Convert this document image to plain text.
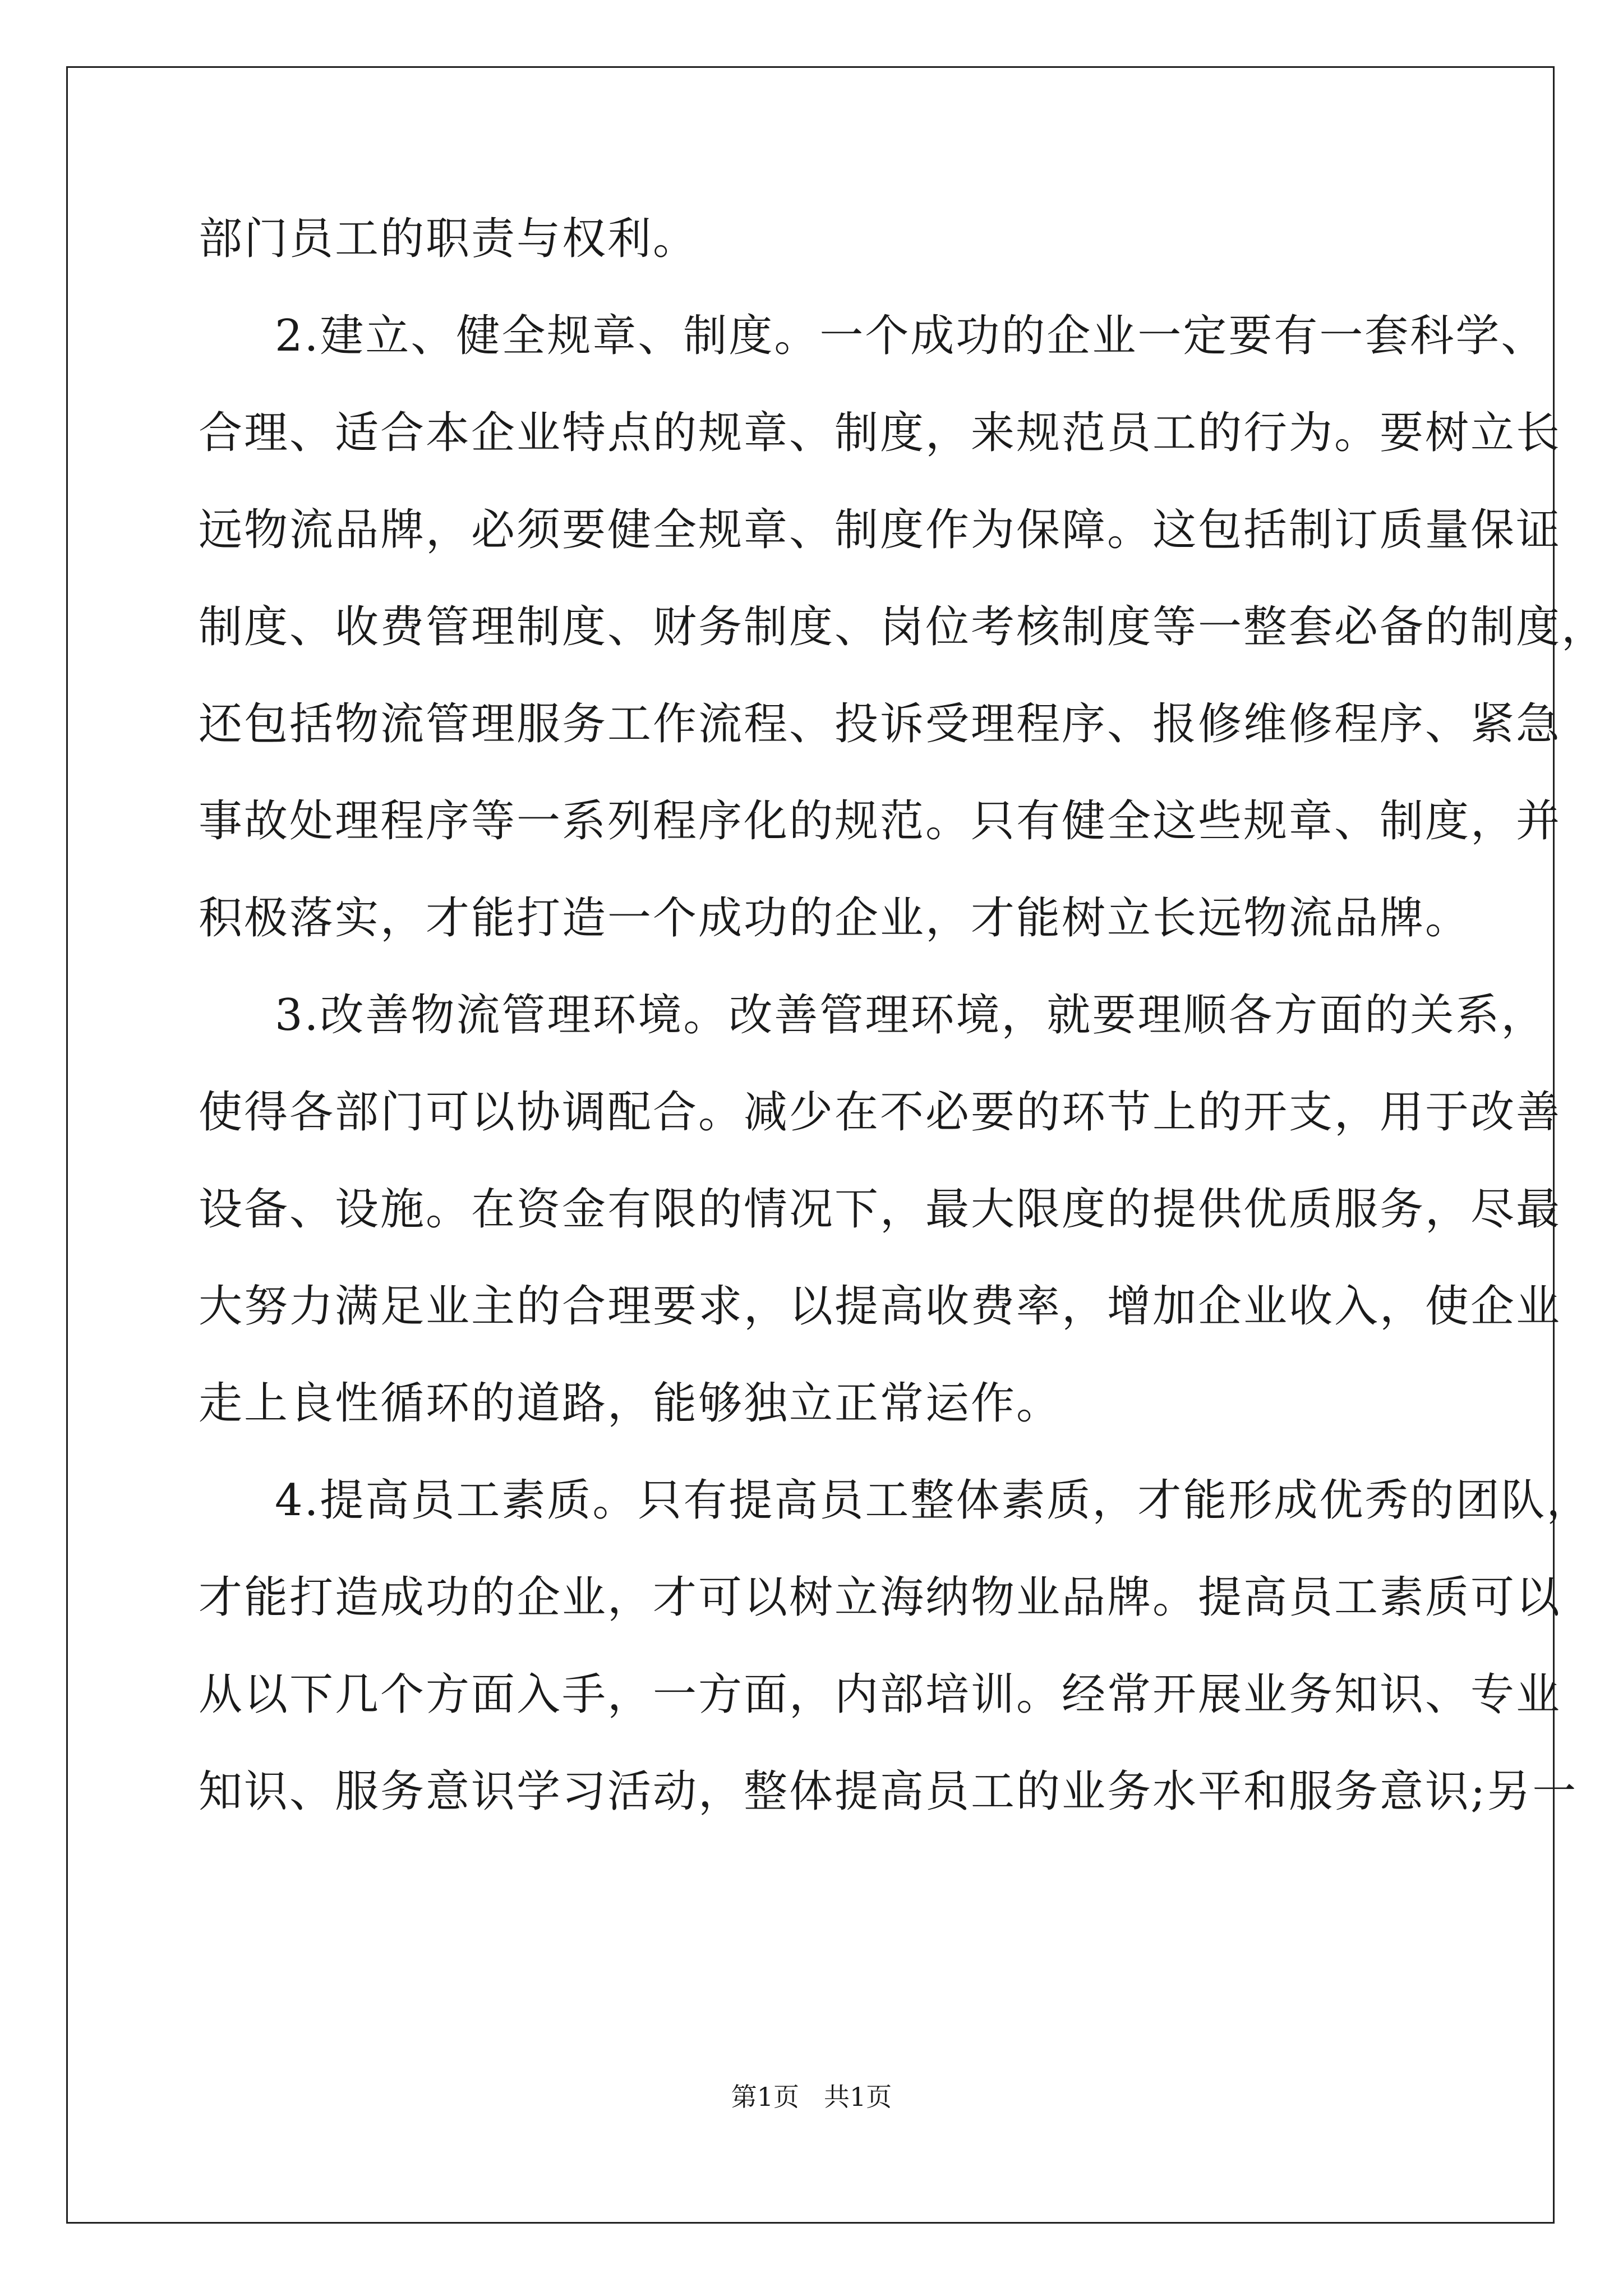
部门员工的职责与权利。
2.建立、健全规章、制度。一个成功的企业一定要有一套科学、
合理、适合本企业特点的规章、制度，来规范员工的行为。要树立长
远物流品牌，必须要健全规章、制度作为保障。这包括制订质量保证
制度、收费管理制度、财务制度、岗位考核制度等一整套必备的制度，
还包括物流管理服务工作流程、投诉受理程序、报修维修程序、紧急
事故处理程序等一系列程序化的规范。只有健全这些规章、制度，并
积极落实，才能打造一个成功的企业，才能树立长远物流品牌。
3.改善物流管理环境。改善管理环境，就要理顺各方面的关系，
使得各部门可以协调配合。减少在不必要的环节上的开支，用于改善
设备、设施。在资金有限的情况下，最大限度的提供优质服务，尽最
大努力满足业主的合理要求，以提高收费率，增加企业收入，使企业
走上良性循环的道路，能够独立正常运作。
4.提高员工素质。只有提高员工整体素质，才能形成优秀的团队，
才能打造成功的企业，才可以树立海纳物业品牌。提高员工素质可以
从以下几个方面入手，一方面，内部培训。经常开展业务知识、专业
知识、服务意识学习活动，整体提高员工的业务水平和服务意识;另一
第1页 共1页
